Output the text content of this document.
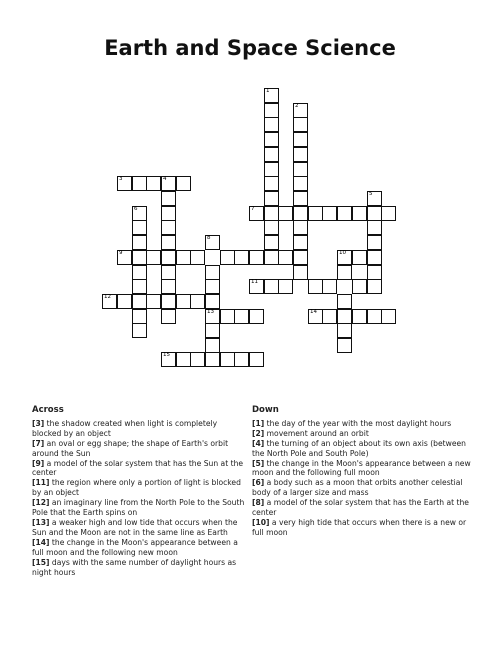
Earth and Space Science
1
2
3	4
6
5
7
8
9	10
11
12
13	14
15
Across
[3] the shadow created when light is completely blocked by an object
[7] an oval or egg shape; the shape of Earth's orbit around the Sun
[9] a model of the solar system that has the Sun at the center
[11] the region where only a portion of light is blocked by an object
[12] an imaginary line from the North Pole to the South Pole that the Earth spins on
[13] a weaker high and low tide that occurs when the Sun and the Moon are not in the same line as Earth
[14] the change in the Moon's appearance between a full moon and the following new moon
[15] days with the same number of daylight hours as night hours
Down
[1] the day of the year with the most daylight hours
[2] movement around an orbit
[4] the turning of an object about its own axis (between the North Pole and South Pole)
[5] the change in the Moon's appearance between a new moon and the following full moon
[6] a body such as a moon that orbits another celestial body of a larger size and mass
[8] a model of the solar system that has the Earth at the center
[10] a very high tide that occurs when there is a new or full moon
